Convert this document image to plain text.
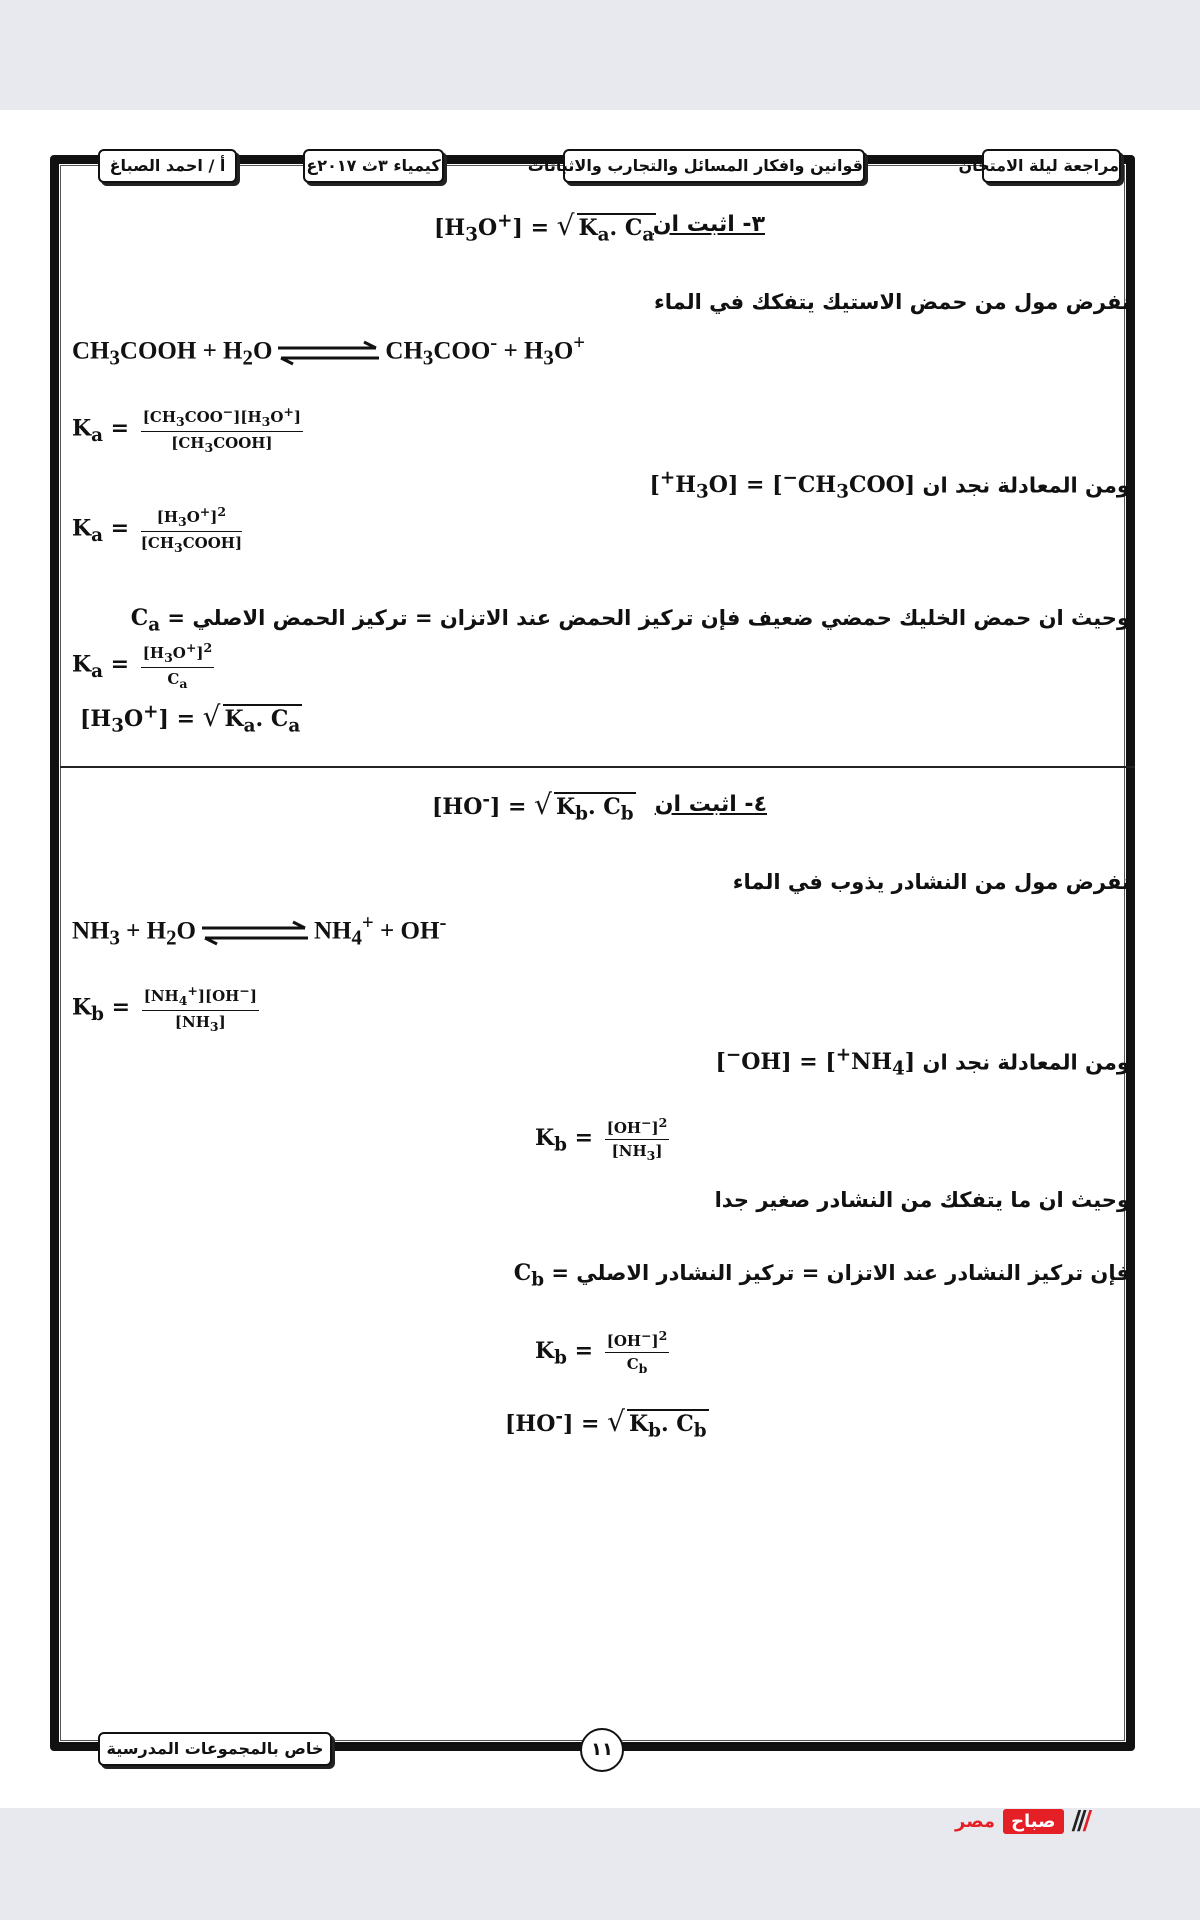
مراجعة ليلة الامتحان
قوانين وافكار المسائل والتجارب والاثباتات
كيمياء ٣ث ٢٠١٧ع
أ / احمد الصباغ
٣- اثبت ان
$[H_3O^+]$ = √ $K_a$. $C_a$
نفرض مول من حمض الاستيك يتفكك في الماء
$CH_3COOH + H_2O$	$CH_3COO^- + H_3O^+$
$K_a = \frac{[CH_3COO^-][H_3O^+]}{[CH_3COOH]}$
ومن المعادلة نجد ان $[CH_3COO^-] = [H_3O^+]$
$K_a = \frac{[H_3O^+]^2}{[CH_3COOH]}$
وحيث ان حمض الخليك حمضي ضعيف فإن تركيز الحمض عند الاتزان = تركيز الحمض الاصلي = $C_a$
$K_a = \frac{[H_3O^+]^2}{C_a}$
$[H_3O^+]$ = √ $K_a$. $C_a$
٤- اثبت ان
[HO-] = √ $K_b$. $C_b$
نفرض مول من النشادر يذوب في الماء
$NH_3 + H_2O$	$NH_4^+ + OH^-$
$K_b = \frac{[NH_4^+][OH^-]}{[NH_3]}$
ومن المعادلة نجد ان $[NH_4^+] = [OH^-]$
$K_b = \frac{[OH^-]^2}{[NH_3]}$
وحيث ان ما يتفكك من النشادر صغير جدا
فإن تركيز النشادر عند الاتزان = تركيز النشادر الاصلي = $C_b$
$K_b = \frac{[OH^-]^2}{C_b}$
[HO-] = √ $K_b$. $C_b$
خاص بالمجموعات المدرسية	١١
مصر صباح ///
